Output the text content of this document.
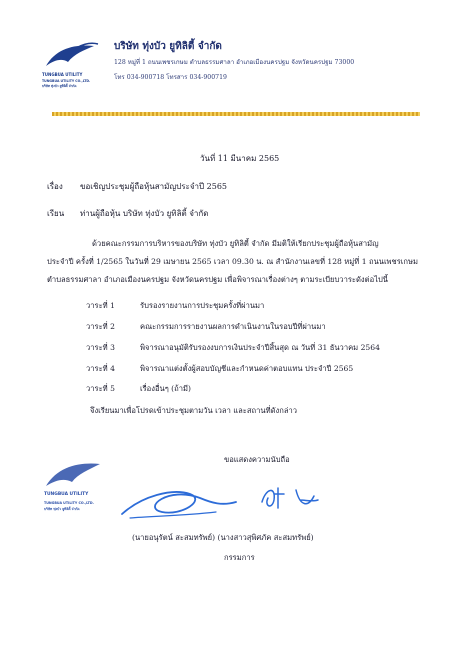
TUNGBUA UTILITY
TUNGBUA UTILITY CO.,LTD.
บริษัท ทุ่งบัว ยูทิลิตี้ จำกัด
บริษัท ทุ่งบัว ยูทิลิตี้ จำกัด
128 หมู่ที่ 1 ถนนเพชรเกษม ตำบลธรรมศาลา อำเภอเมืองนครปฐม จังหวัดนครปฐม 73000
โทร 034-900718 โทรสาร 034-900719
วันที่ 11 มีนาคม 2565
เรื่อง ขอเชิญประชุมผู้ถือหุ้นสามัญประจำปี 2565
เรียน ท่านผู้ถือหุ้น บริษัท ทุ่งบัว ยูทิลิตี้ จำกัด
ด้วยคณะกรรมการบริหารของบริษัท ทุ่งบัว ยูทิลิตี้ จำกัด มีมติให้เรียกประชุมผู้ถือหุ้นสามัญ
ประจำปี ครั้งที่ 1/2565 ในวันที่ 29 เมษายน 2565 เวลา 09.30 น. ณ สำนักงานเลขที่ 128 หมู่ที่ 1 ถนนเพชรเกษม
ตำบลธรรมศาลา อำเภอเมืองนครปฐม จังหวัดนครปฐม เพื่อพิจารณาเรื่องต่างๆ ตามระเบียบวาระดังต่อไปนี้
วาระที่ 1	รับรองรายงานการประชุมครั้งที่ผ่านมา
วาระที่ 2	คณะกรรมการรายงานผลการดำเนินงานในรอบปีที่ผ่านมา
วาระที่ 3	พิจารณาอนุมัติรับรองงบการเงินประจำปีสิ้นสุด ณ วันที่ 31 ธันวาคม 2564
วาระที่ 4	พิจารณาแต่งตั้งผู้สอบบัญชีและกำหนดค่าตอบแทน ประจำปี 2565
วาระที่ 5	เรื่องอื่นๆ (ถ้ามี)
จึงเรียนมาเพื่อโปรดเข้าประชุมตามวัน เวลา และสถานที่ดังกล่าว
ขอแสดงความนับถือ
TUNGBUA UTILITY
TUNGBUA UTILITY CO.,LTD.
บริษัท ทุ่งบัว ยูทิลิตี้ จำกัด
(นายอนุรัตน์ สะสมทรัพย์) (นางสาวสุพิศภัค สะสมทรัพย์)
กรรมการ
